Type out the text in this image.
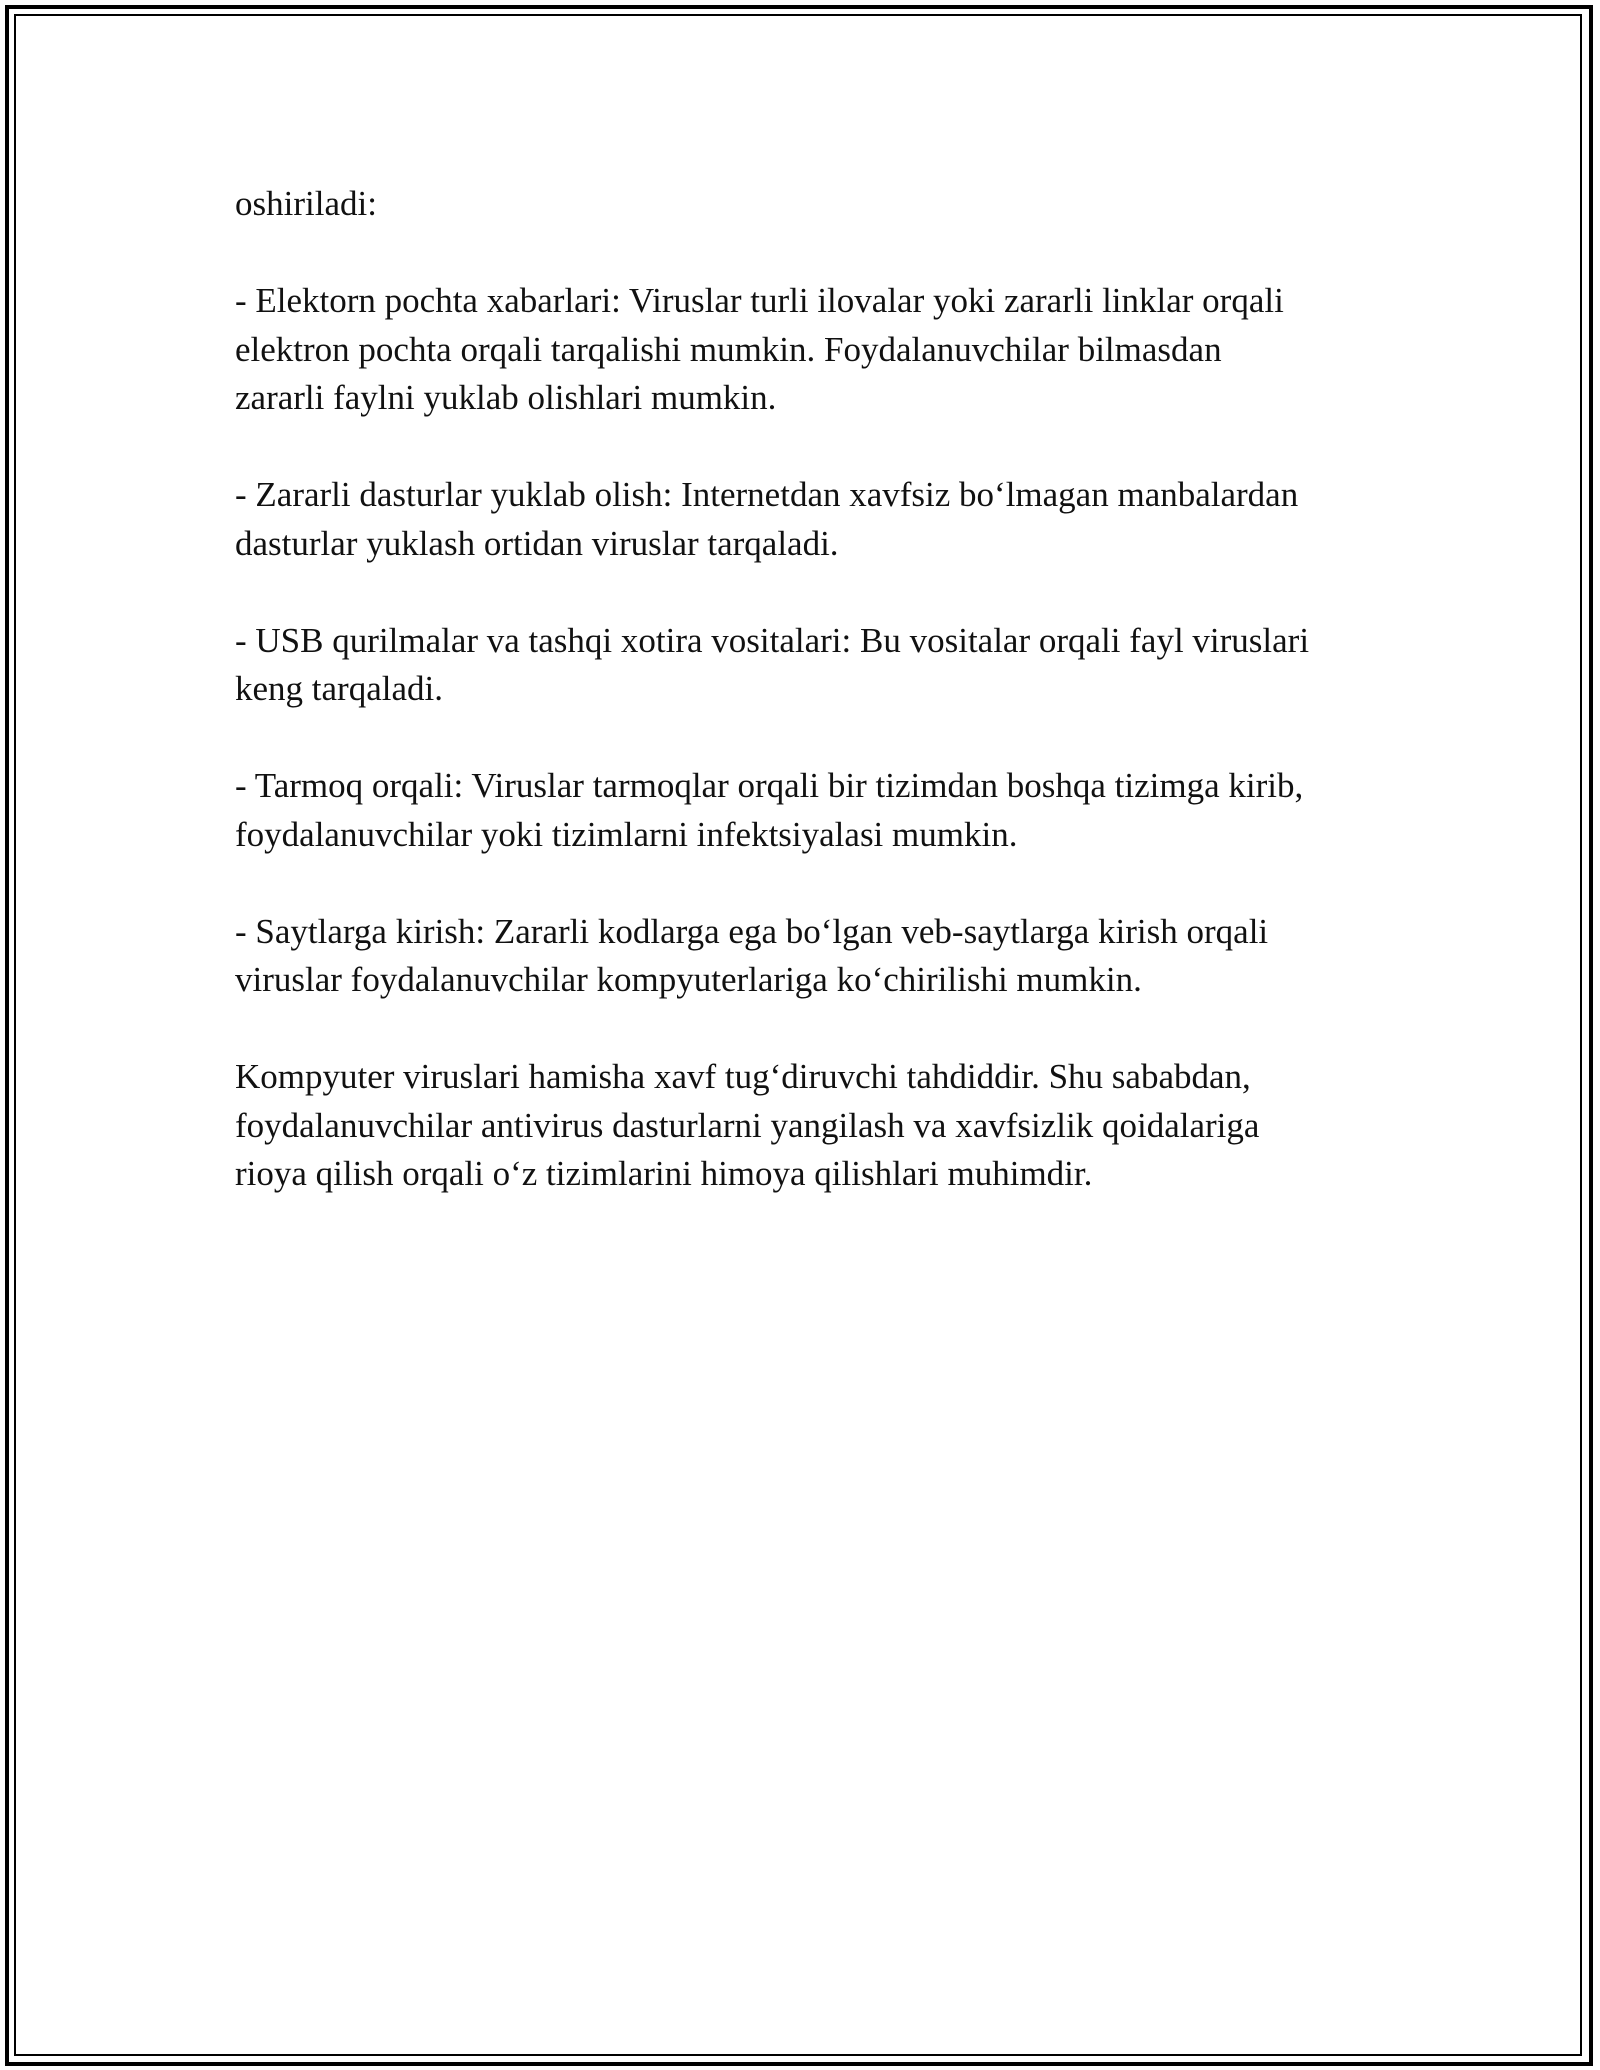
oshiriladi:
- Elektorn pochta xabarlari: Viruslar turli ilovalar yoki zararli linklar orqali
elektron pochta orqali tarqalishi mumkin. Foydalanuvchilar bilmasdan
zararli faylni yuklab olishlari mumkin.
- Zararli dasturlar yuklab olish: Internetdan xavfsiz bo‘lmagan manbalardan
dasturlar yuklash ortidan viruslar tarqaladi.
- USB qurilmalar va tashqi xotira vositalari: Bu vositalar orqali fayl viruslari
keng tarqaladi.
- Tarmoq orqali: Viruslar tarmoqlar orqali bir tizimdan boshqa tizimga kirib,
foydalanuvchilar yoki tizimlarni infektsiyalasi mumkin.
- Saytlarga kirish: Zararli kodlarga ega bo‘lgan veb-saytlarga kirish orqali
viruslar foydalanuvchilar kompyuterlariga ko‘chirilishi mumkin.
Kompyuter viruslari hamisha xavf tug‘diruvchi tahdiddir. Shu sababdan,
foydalanuvchilar antivirus dasturlarni yangilash va xavfsizlik qoidalariga
rioya qilish orqali o‘z tizimlarini himoya qilishlari muhimdir.
